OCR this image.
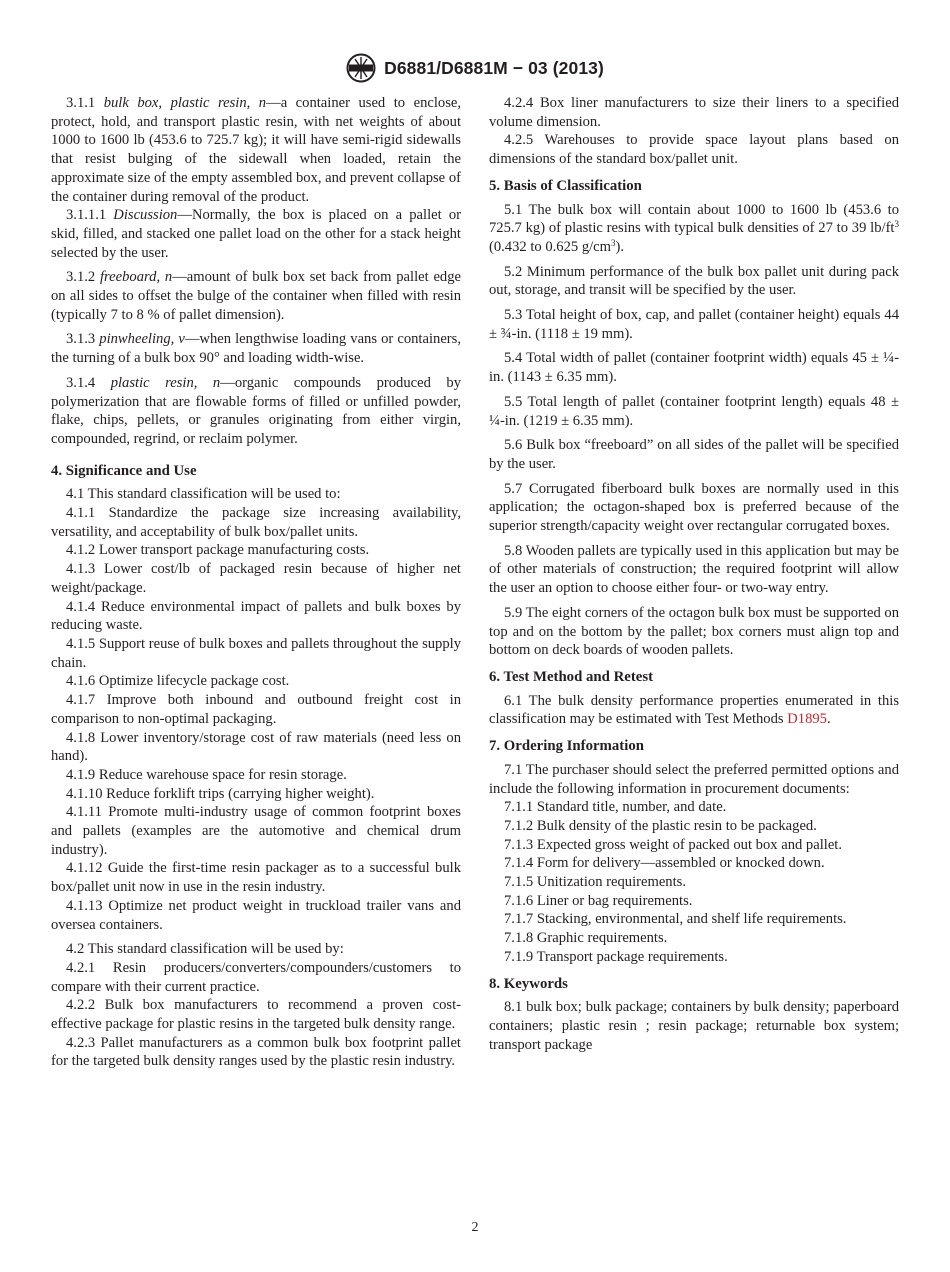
D6881/D6881M − 03 (2013)

3.1.1 bulk box, plastic resin, n—a container used to enclose, protect, hold, and transport plastic resin, with net weights of about 1000 to 1600 lb (453.6 to 725.7 kg); it will have semi-rigid sidewalls that resist bulging of the sidewall when loaded, retain the approximate size of the empty assembled box, and prevent collapse of the container during removal of the product.

3.1.1.1 Discussion—Normally, the box is placed on a pallet or skid, filled, and stacked one pallet load on the other for a stack height selected by the user.

3.1.2 freeboard, n—amount of bulk box set back from pallet edge on all sides to offset the bulge of the container when filled with resin (typically 7 to 8 % of pallet dimension).

3.1.3 pinwheeling, v—when lengthwise loading vans or containers, the turning of a bulk box 90° and loading width-wise.

3.1.4 plastic resin, n—organic compounds produced by polymerization that are flowable forms of filled or unfilled powder, flake, chips, pellets, or granules originating from either virgin, compounded, regrind, or reclaim polymer.

4. Significance and Use

4.1 This standard classification will be used to:

4.1.1 Standardize the package size increasing availability, versatility, and acceptability of bulk box/pallet units.

4.1.2 Lower transport package manufacturing costs.

4.1.3 Lower cost/lb of packaged resin because of higher net weight/package.

4.1.4 Reduce environmental impact of pallets and bulk boxes by reducing waste.

4.1.5 Support reuse of bulk boxes and pallets throughout the supply chain.

4.1.6 Optimize lifecycle package cost.

4.1.7 Improve both inbound and outbound freight cost in comparison to non-optimal packaging.

4.1.8 Lower inventory/storage cost of raw materials (need less on hand).

4.1.9 Reduce warehouse space for resin storage.

4.1.10 Reduce forklift trips (carrying higher weight).

4.1.11 Promote multi-industry usage of common footprint boxes and pallets (examples are the automotive and chemical drum industry).

4.1.12 Guide the first-time resin packager as to a successful bulk box/pallet unit now in use in the resin industry.

4.1.13 Optimize net product weight in truckload trailer vans and oversea containers.

4.2 This standard classification will be used by:

4.2.1 Resin producers/converters/compounders/customers to compare with their current practice.

4.2.2 Bulk box manufacturers to recommend a proven cost-effective package for plastic resins in the targeted bulk density range.

4.2.3 Pallet manufacturers as a common bulk box footprint pallet for the targeted bulk density ranges used by the plastic resin industry.

4.2.4 Box liner manufacturers to size their liners to a specified volume dimension.

4.2.5 Warehouses to provide space layout plans based on dimensions of the standard box/pallet unit.

5. Basis of Classification

5.1 The bulk box will contain about 1000 to 1600 lb (453.6 to 725.7 kg) of plastic resins with typical bulk densities of 27 to 39 $lb/ft^3$ (0.432 to 0.625 $g/cm^3$).

5.2 Minimum performance of the bulk box pallet unit during pack out, storage, and transit will be specified by the user.

5.3 Total height of box, cap, and pallet (container height) equals 44 ± ¾-in. (1118 ± 19 mm).

5.4 Total width of pallet (container footprint width) equals 45 ± ¼-in. (1143 ± 6.35 mm).

5.5 Total length of pallet (container footprint length) equals 48 ± ¼-in. (1219 ± 6.35 mm).

5.6 Bulk box “freeboard” on all sides of the pallet will be specified by the user.

5.7 Corrugated fiberboard bulk boxes are normally used in this application; the octagon-shaped box is preferred because of the superior strength/capacity weight over rectangular corrugated boxes.

5.8 Wooden pallets are typically used in this application but may be of other materials of construction; the required footprint will allow the user an option to choose either four- or two-way entry.

5.9 The eight corners of the octagon bulk box must be supported on top and on the bottom by the pallet; box corners must align top and bottom on deck boards of wooden pallets.

6. Test Method and Retest

6.1 The bulk density performance properties enumerated in this classification may be estimated with Test Methods D1895.

7. Ordering Information

7.1 The purchaser should select the preferred permitted options and include the following information in procurement documents:

7.1.1 Standard title, number, and date.

7.1.2 Bulk density of the plastic resin to be packaged.

7.1.3 Expected gross weight of packed out box and pallet.

7.1.4 Form for delivery—assembled or knocked down.

7.1.5 Unitization requirements.

7.1.6 Liner or bag requirements.

7.1.7 Stacking, environmental, and shelf life requirements.

7.1.8 Graphic requirements.

7.1.9 Transport package requirements.

8. Keywords

8.1 bulk box; bulk package; containers by bulk density; paperboard containers; plastic resin ; resin package; returnable box system; transport package

2
